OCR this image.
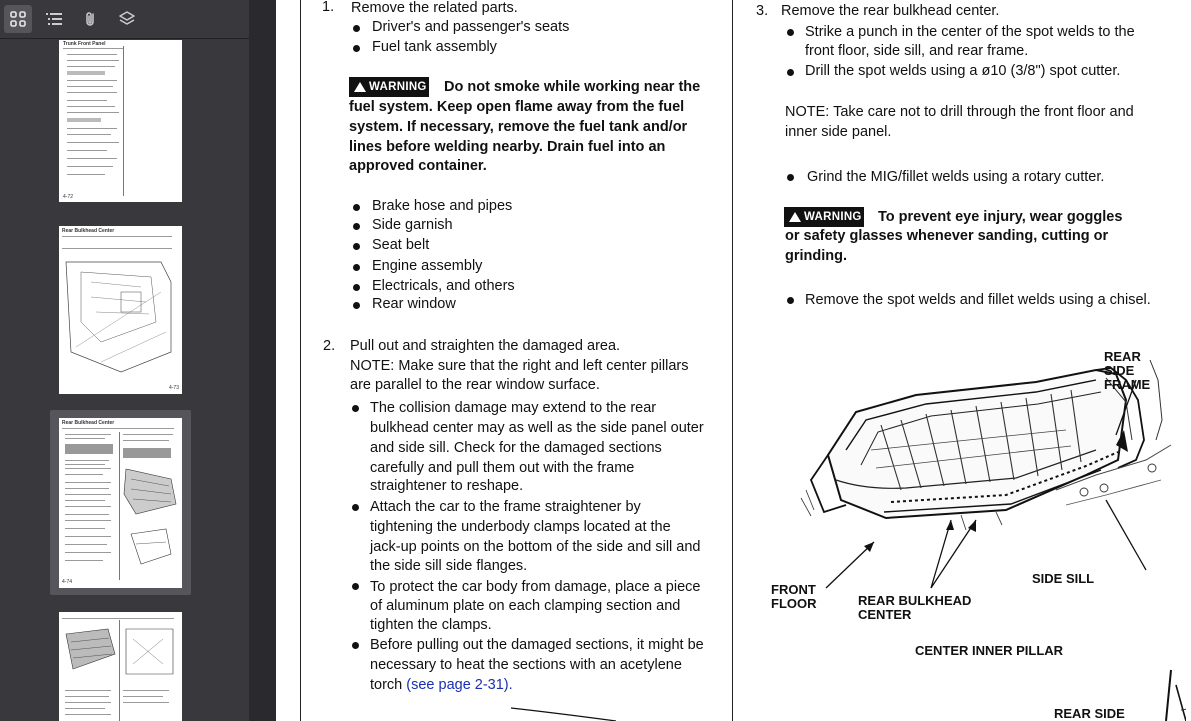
Trunk Front Panel
4-72
Rear Bulkhead Center
4-73
Rear Bulkhead Center
4-74
1. Remove the related parts.
Driver's and passenger's seats
Fuel tank assembly
WARNING Do not smoke while working near the
fuel system. Keep open flame away from the fuel
system. If necessary, remove the fuel tank and/or
lines before welding nearby. Drain fuel into an
approved container.
Brake hose and pipes
Side garnish
Seat belt
Engine assembly
Electricals, and others
Rear window
2. Pull out and straighten the damaged area.
NOTE: Make sure that the right and left center pillars
are parallel to the rear window surface.
The collision damage may extend to the rear
bulkhead center may as well as the side panel outer
and side sill. Check for the damaged sections
carefully and pull them out with the frame
straightener to reshape.
Attach the car to the frame straightener by
tightening the underbody clamps located at the
jack-up points on the bottom of the side and sill and
the side sill side flanges.
To protect the car body from damage, place a piece
of aluminum plate on each clamping section and
tighten the clamps.
Before pulling out the damaged sections, it might be
necessary to heat the sections with an acetylene
torch (see page 2-31).
3. Remove the rear bulkhead center.
Strike a punch in the center of the spot welds to the
front floor, side sill, and rear frame.
Drill the spot welds using a ø10 (3/8") spot cutter.
NOTE: Take care not to drill through the front floor and
inner side panel.
Grind the MIG/fillet welds using a rotary cutter.
WARNING To prevent eye injury, wear goggles
or safety glasses whenever sanding, cutting or
grinding.
Remove the spot welds and fillet welds using a chisel.
REAR
SIDE
FRAME
FRONT
FLOOR	REAR BULKHEAD
CENTER
SIDE SILL
CENTER INNER PILLAR
REAR SIDE
